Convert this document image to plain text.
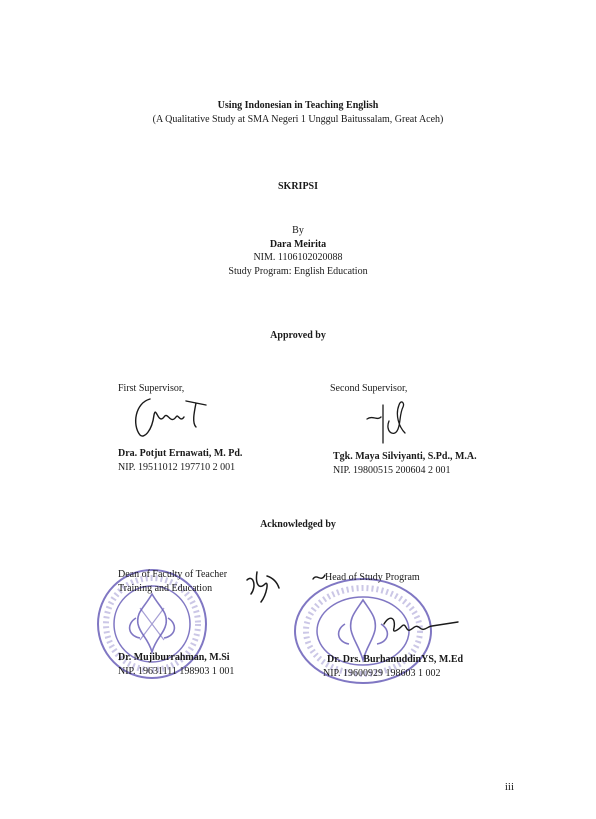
Using Indonesian in Teaching English
(A Qualitative Study at SMA Negeri 1 Unggul Baitussalam, Great Aceh)
SKRIPSI
By
Dara Meirita
NIM. 1106102020088
Study Program: English Education
Approved by
First Supervisor,
Dra. Potjut Ernawati, M. Pd.
NIP. 19511012 197710 2 001
Second Supervisor,
Tgk. Maya Silviyanti, S.Pd., M.A.
NIP. 19800515 200604 2 001
Acknowledged by
Dean of Faculty of Teacher
Training and Education
Dr. Mujiburrahman, M.Si
NIP. 19631111 198903 1 001
Head of Study Program
Dr. Drs. BurhanuddinYS, M.Ed
NIP. 19600929 198603 1 002
iii
